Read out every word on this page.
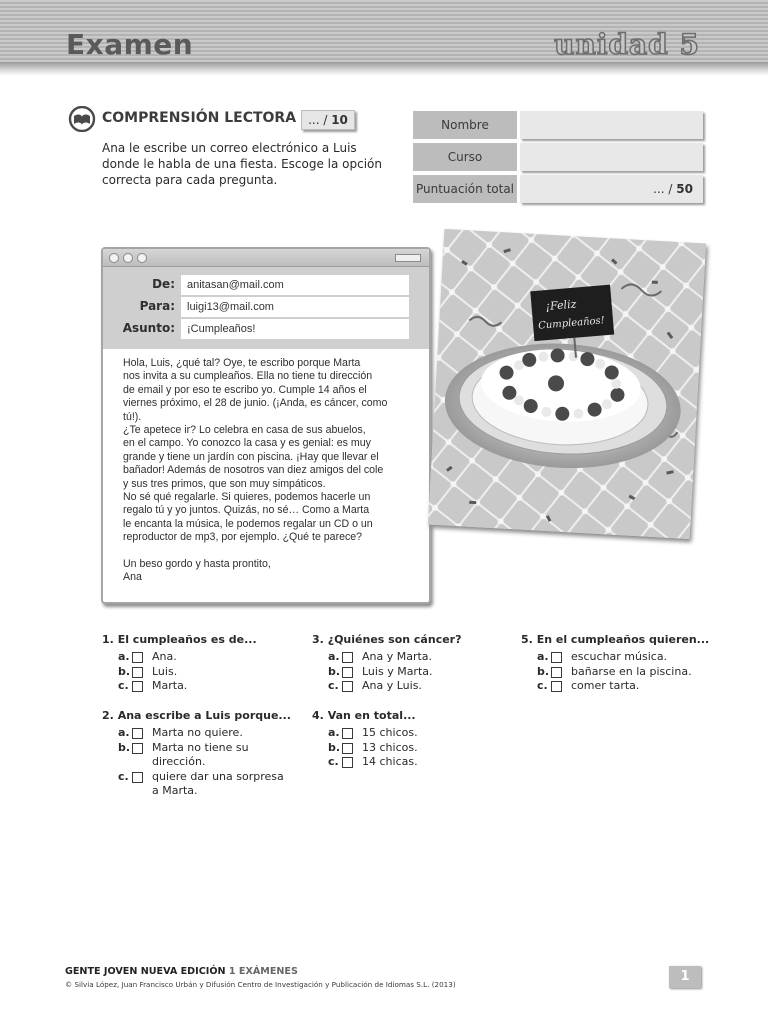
Examen	unidad 5
COMPRENSIÓN LECTORA	... / 10
Ana le escribe un correo electrónico a Luis donde le habla de una fiesta. Escoge la opción correcta para cada pregunta.
Nombre
Curso
Puntuación total	... / 50
De:	anitasan@mail.com
Para:	luigi13@mail.com
Asunto:	¡Cumpleaños!

Hola, Luis, ¿qué tal? Oye, te escribo porque Marta
nos invita a su cumpleaños. Ella no tiene tu dirección
de email y por eso te escribo yo. Cumple 14 años el
viernes próximo, el 28 de junio. (¡Anda, es cáncer, como
tú!).
¿Te apetece ir? Lo celebra en casa de sus abuelos,
en el campo. Yo conozco la casa y es genial: es muy
grande y tiene un jardín con piscina. ¡Hay que llevar el
bañador! Además de nosotros van diez amigos del cole
y sus tres primos, que son muy simpáticos.
No sé qué regalarle. Si quieres, podemos hacerle un
regalo tú y yo juntos. Quizás, no sé… Como a Marta
le encanta la música, le podemos regalar un CD o un
reproductor de mp3, por ejemplo. ¿Qué te parece?

Un beso gordo y hasta prontito,
Ana

¡Feliz
Cumpleaños!
1. El cumpleaños es de...
a.	Ana.
b.	Luis.
c.	Marta.
2. Ana escribe a Luis porque...
a.	Marta no quiere.
b.	Marta no tiene su dirección.
c.	quiere dar una sorpresa a Marta.
3. ¿Quiénes son cáncer?
a.	Ana y Marta.
b.	Luis y Marta.
c.	Ana y Luis.
4. Van en total...
a.	15 chicos.
b.	13 chicos.
c.	14 chicas.
5. En el cumpleaños quieren...
a.	escuchar música.
b.	bañarse en la piscina.
c.	comer tarta.
GENTE JOVEN NUEVA EDICIÓN 1 EXÁMENES
© Silvia López, Juan Francisco Urbán y Difusión Centro de Investigación y Publicación de Idiomas S.L. (2013)
1
